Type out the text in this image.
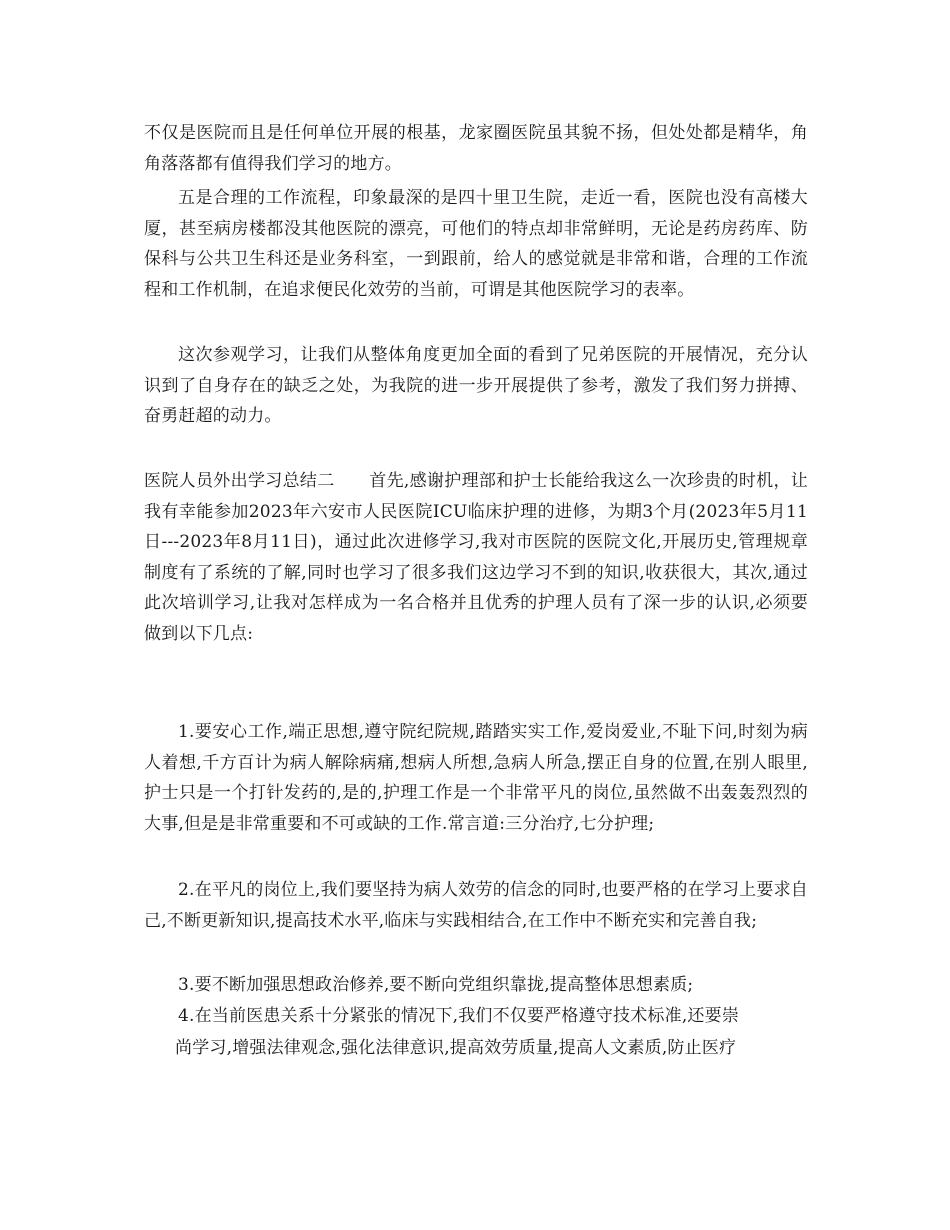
不仅是医院而且是任何单位开展的根基，龙家圈医院虽其貌不扬，但处处都是精华，角角落落都有值得我们学习的地方。

五是合理的工作流程，印象最深的是四十里卫生院，走近一看，医院也没有高楼大厦，甚至病房楼都没其他医院的漂亮，可他们的特点却非常鲜明，无论是药房药库、防保科与公共卫生科还是业务科室，一到跟前，给人的感觉就是非常和谐，合理的工作流程和工作机制，在追求便民化效劳的当前，可谓是其他医院学习的表率。

这次参观学习，让我们从整体角度更加全面的看到了兄弟医院的开展情况，充分认识到了自身存在的缺乏之处，为我院的进一步开展提供了参考，激发了我们努力拼搏、奋勇赶超的动力。

医院人员外出学习总结二　　首先,感谢护理部和护士长能给我这么一次珍贵的时机，让我有幸能参加2023年六安市人民医院ICU临床护理的进修，为期3个月(2023年5月11日---2023年8月11日)，通过此次进修学习,我对市医院的医院文化,开展历史,管理规章制度有了系统的了解,同时也学习了很多我们这边学习不到的知识,收获很大，其次,通过此次培训学习,让我对怎样成为一名合格并且优秀的护理人员有了深一步的认识,必须要做到以下几点:

1.要安心工作,端正思想,遵守院纪院规,踏踏实实工作,爱岗爱业,不耻下问,时刻为病人着想,千方百计为病人解除病痛,想病人所想,急病人所急,摆正自身的位置,在别人眼里,护士只是一个打针发药的,是的,护理工作是一个非常平凡的岗位,虽然做不出轰轰烈烈的大事,但是是非常重要和不可或缺的工作.常言道:三分治疗,七分护理;

2.在平凡的岗位上,我们要坚持为病人效劳的信念的同时,也要严格的在学习上要求自己,不断更新知识,提高技术水平,临床与实践相结合,在工作中不断充实和完善自我;

3.要不断加强思想政治修养,要不断向党组织靠拢,提高整体思想素质;

4.在当前医患关系十分紧张的情况下,我们不仅要严格遵守技术标准,还要崇

尚学习,增强法律观念,强化法律意识,提高效劳质量,提高人文素质,防止医疗
